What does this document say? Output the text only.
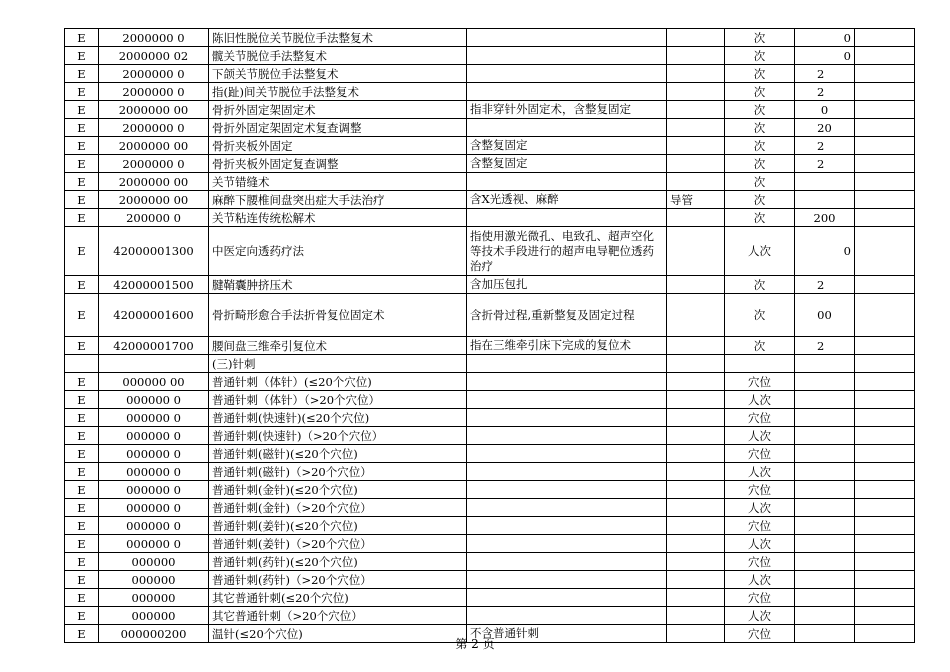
E	2000000 0	陈旧性脱位关节脱位手法整复术			次	0	
E	2000000 02	髋关节脱位手法整复术			次	0	
E	2000000 0	下颌关节脱位手法整复术			次	2	
E	2000000 0	指(趾)间关节脱位手法整复术			次	2	
E	2000000 00	骨折外固定架固定术	指非穿针外固定术，含整复固定		次	0	
E	2000000 0	骨折外固定架固定术复查调整			次	20	
E	2000000 00	骨折夹板外固定	含整复固定		次	2	
E	2000000 0	骨折夹板外固定复查调整	含整复固定		次	2	
E	2000000 00	关节错缝术			次		
E	2000000 00	麻醉下腰椎间盘突出症大手法治疗	含X光透视、麻醉	导管	次		
E	200000 0	关节粘连传统松解术			次	200	
E	42000001300	中医定向透药疗法	指使用激光微孔、电致孔、超声空化等技术手段进行的超声电导靶位透药治疗		人次	0	
E	42000001500	腱鞘囊肿挤压术	含加压包扎		次	2	
E	42000001600	骨折畸形愈合手法折骨复位固定术	含折骨过程,重新整复及固定过程		次	00	
E	42000001700	腰间盘三维牵引复位术	指在三维牵引床下完成的复位术		次	2	
		(三)针刺					
E	000000 00	普通针刺（体针）(≤20个穴位)			穴位		
E	000000 0	普通针刺（体针）（>20个穴位）			人次		
E	000000 0	普通针刺(快速针)(≤20个穴位)			穴位		
E	000000 0	普通针刺(快速针)（>20个穴位）			人次		
E	000000 0	普通针刺(磁针)(≤20个穴位)			穴位		
E	000000 0	普通针刺(磁针)（>20个穴位）			人次		
E	000000 0	普通针刺(金针)(≤20个穴位)			穴位		
E	000000 0	普通针刺(金针)（>20个穴位）			人次		
E	000000 0	普通针刺(姜针)(≤20个穴位)			穴位		
E	000000 0	普通针刺(姜针)（>20个穴位）			人次		
E	000000	普通针刺(药针)(≤20个穴位)			穴位		
E	000000	普通针刺(药针)（>20个穴位）			人次		
E	000000	其它普通针刺(≤20个穴位)			穴位		
E	000000	其它普通针刺（>20个穴位）			人次		
E	000000200	温针(≤20个穴位)	不含普通针刺		穴位		
第 2 页
